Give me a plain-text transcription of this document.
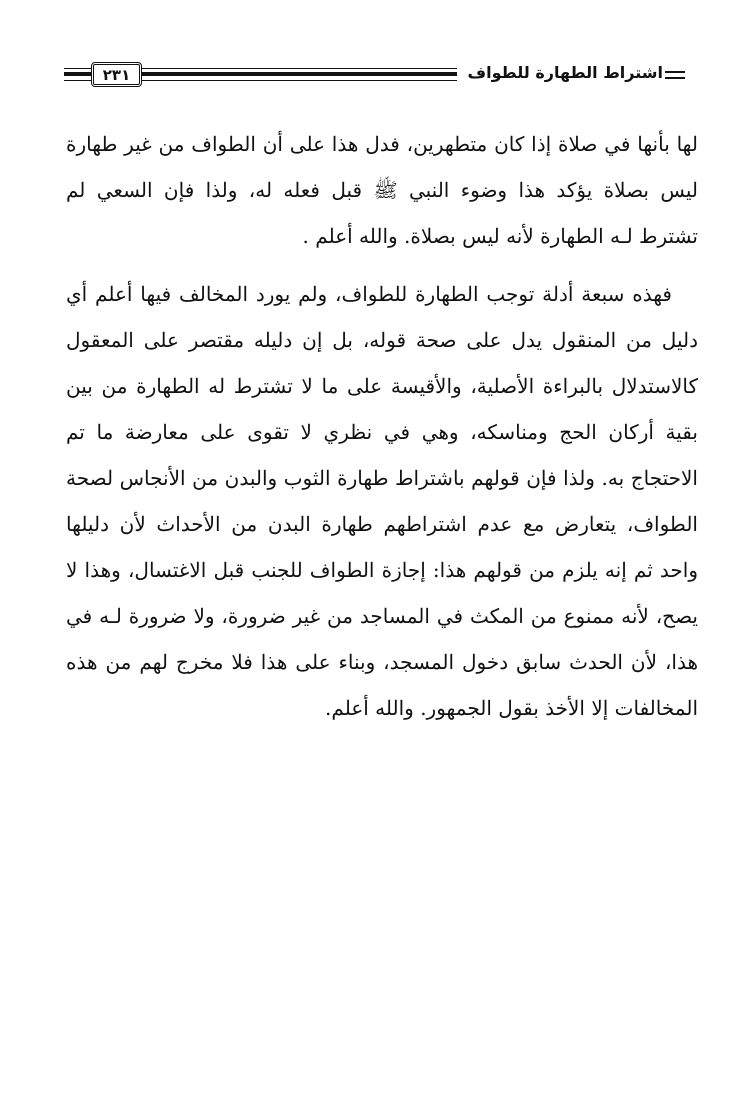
اشتراط الطهارة للطواف
٢٣١
لها بأنها في صلاة إذا كان متطهرين، فدل هذا على أن الطواف من غير طهارة ليس بصلاة يؤكد هذا وضوء النبي ﷺ قبل فعله له، ولذا فإن السعي لم تشترط لـه الطهارة لأنه ليس بصلاة. والله أعلم .
فهذه سبعة أدلة توجب الطهارة للطواف، ولم يورد المخالف فيها أعلم أي دليل من المنقول يدل على صحة قوله، بل إن دليله مقتصر على المعقول كالاستدلال بالبراءة الأصلية، والأقيسة على ما لا تشترط له الطهارة من بين بقية أركان الحج ومناسكه، وهي في نظري لا تقوى على معارضة ما تم الاحتجاج به. ولذا فإن قولهم باشتراط طهارة الثوب والبدن من الأنجاس لصحة الطواف، يتعارض مع عدم اشتراطهم طهارة البدن من الأحداث لأن دليلها واحد ثم إنه يلزم من قولهم هذا: إجازة الطواف للجنب قبل الاغتسال، وهذا لا يصح، لأنه ممنوع من المكث في المساجد من غير ضرورة، ولا ضرورة لـه في هذا، لأن الحدث سابق دخول المسجد، وبناء على هذا فلا مخرج لهم من هذه المخالفات إلا الأخذ بقول الجمهور. والله أعلم.
